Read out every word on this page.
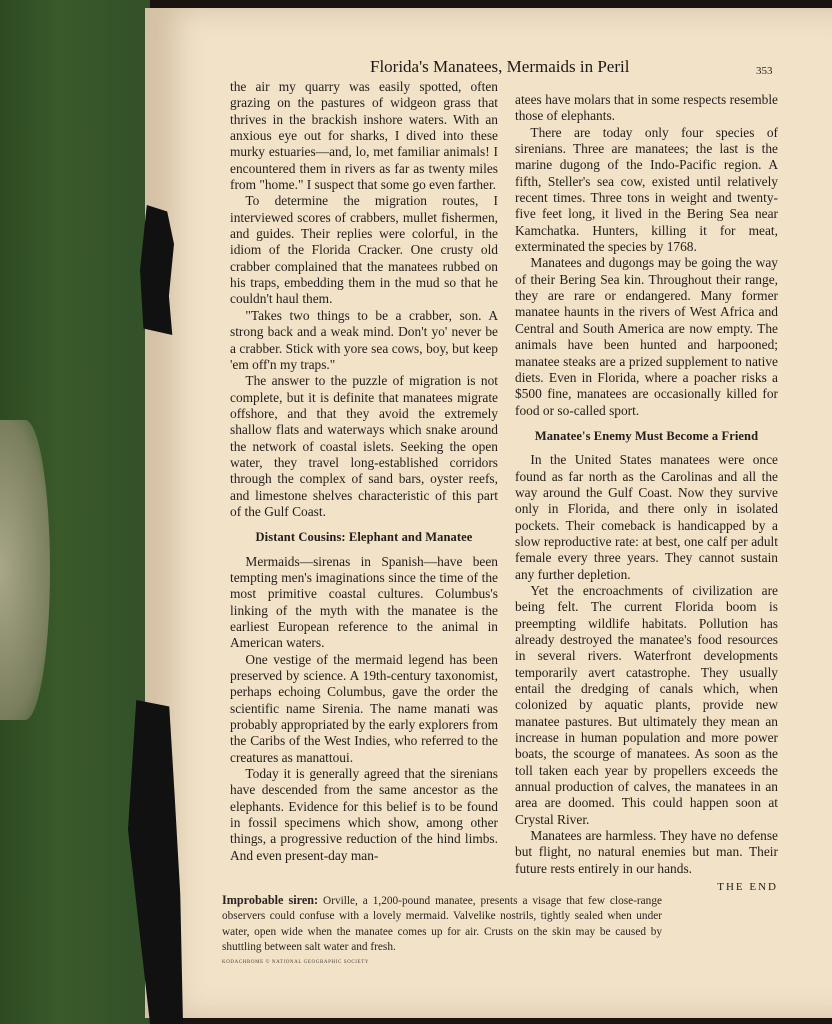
Florida's Manatees, Mermaids in Peril	353

the air my quarry was easily spotted, often grazing on the pastures of widgeon grass that thrives in the brackish inshore waters. With an anxious eye out for sharks, I dived into these murky estuaries—and, lo, met familiar animals! I encountered them in rivers as far as twenty miles from "home." I suspect that some go even farther.

To determine the migration routes, I interviewed scores of crabbers, mullet fishermen, and guides. Their replies were colorful, in the idiom of the Florida Cracker. One crusty old crabber complained that the manatees rubbed on his traps, embedding them in the mud so that he couldn't haul them.

"Takes two things to be a crabber, son. A strong back and a weak mind. Don't yo' never be a crabber. Stick with yore sea cows, boy, but keep 'em off'n my traps."

The answer to the puzzle of migration is not complete, but it is definite that manatees migrate offshore, and that they avoid the extremely shallow flats and waterways which snake around the network of coastal islets. Seeking the open water, they travel long-established corridors through the complex of sand bars, oyster reefs, and limestone shelves characteristic of this part of the Gulf Coast.

Distant Cousins: Elephant and Manatee

Mermaids—sirenas in Spanish—have been tempting men's imaginations since the time of the most primitive coastal cultures. Columbus's linking of the myth with the manatee is the earliest European reference to the animal in American waters.

One vestige of the mermaid legend has been preserved by science. A 19th-century taxonomist, perhaps echoing Columbus, gave the order the scientific name Sirenia. The name manati was probably appropriated by the early explorers from the Caribs of the West Indies, who referred to the creatures as manattoui.

Today it is generally agreed that the sirenians have descended from the same ancestor as the elephants. Evidence for this belief is to be found in fossil specimens which show, among other things, a progressive reduction of the hind limbs. And even present-day man-

atees have molars that in some respects resemble those of elephants.

There are today only four species of sirenians. Three are manatees; the last is the marine dugong of the Indo-Pacific region. A fifth, Steller's sea cow, existed until relatively recent times. Three tons in weight and twenty-five feet long, it lived in the Bering Sea near Kamchatka. Hunters, killing it for meat, exterminated the species by 1768.

Manatees and dugongs may be going the way of their Bering Sea kin. Throughout their range, they are rare or endangered. Many former manatee haunts in the rivers of West Africa and Central and South America are now empty. The animals have been hunted and harpooned; manatee steaks are a prized supplement to native diets. Even in Florida, where a poacher risks a $500 fine, manatees are occasionally killed for food or so-called sport.

Manatee's Enemy Must Become a Friend

In the United States manatees were once found as far north as the Carolinas and all the way around the Gulf Coast. Now they survive only in Florida, and there only in isolated pockets. Their comeback is handicapped by a slow reproductive rate: at best, one calf per adult female every three years. They cannot sustain any further depletion.

Yet the encroachments of civilization are being felt. The current Florida boom is preempting wildlife habitats. Pollution has already destroyed the manatee's food resources in several rivers. Waterfront developments temporarily avert catastrophe. They usually entail the dredging of canals which, when colonized by aquatic plants, provide new manatee pastures. But ultimately they mean an increase in human population and more power boats, the scourge of manatees. As soon as the toll taken each year by propellers exceeds the annual production of calves, the manatees in an area are doomed. This could happen soon at Crystal River.

Manatees are harmless. They have no defense but flight, no natural enemies but man. Their future rests entirely in our hands.

THE END
Improbable siren: Orville, a 1,200-pound manatee, presents a visage that few close-range observers could confuse with a lovely mermaid. Valvelike nostrils, tightly sealed when under water, open wide when the manatee comes up for air. Crusts on the skin may be caused by shuttling between salt water and fresh.
KODACHROME © NATIONAL GEOGRAPHIC SOCIETY
